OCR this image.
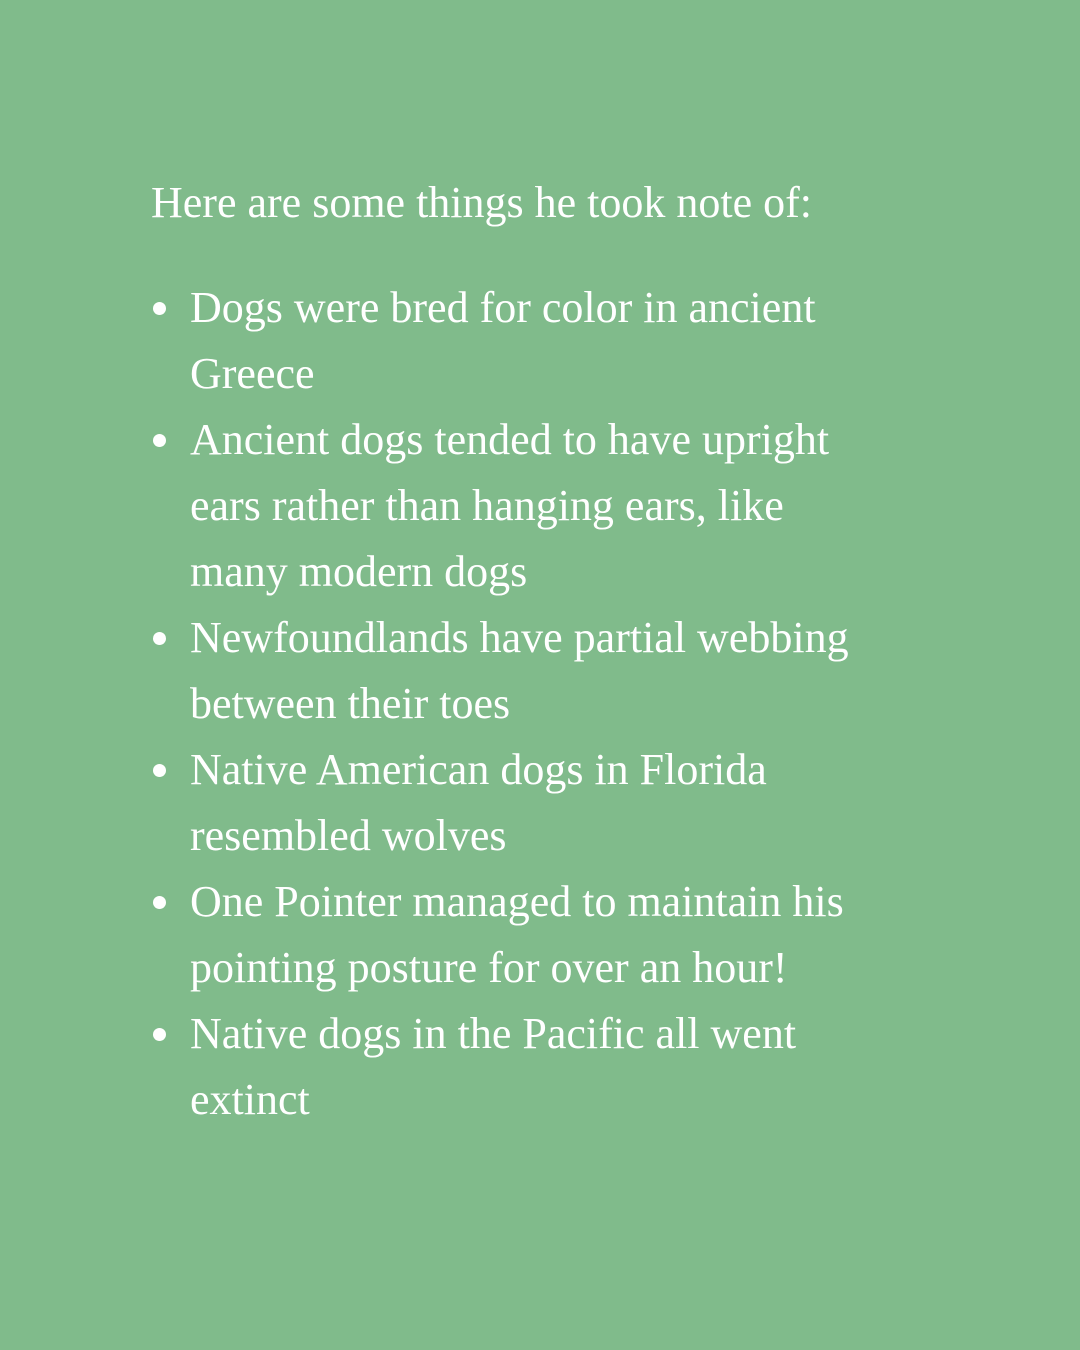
Here are some things he took note of:

Dogs were bred for color in ancient
Greece
Ancient dogs tended to have upright
ears rather than hanging ears, like
many modern dogs
Newfoundlands have partial webbing
between their toes
Native American dogs in Florida
resembled wolves
One Pointer managed to maintain his
pointing posture for over an hour!
Native dogs in the Pacific all went
extinct
